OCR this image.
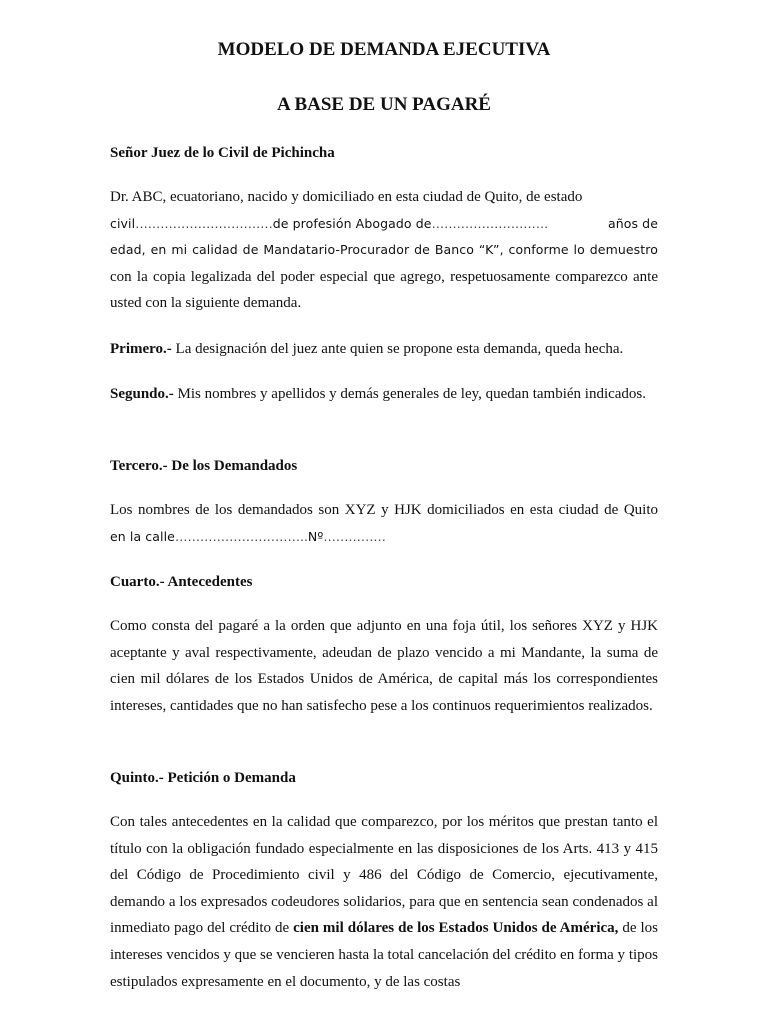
MODELO DE DEMANDA EJECUTIVA
A BASE DE UN PAGARÉ

Señor Juez de lo Civil de Pichincha

Dr. ABC, ecuatoriano, nacido y domiciliado en esta ciudad de Quito, de estado
civil……………………………de profesión Abogado de……………………….	años de
edad, en mi calidad de Mandatario-Procurador de Banco “K”, conforme lo demuestro
con la copia legalizada del poder especial que agrego, respetuosamente comparezco ante
usted con la siguiente demanda.

Primero.- La designación del juez ante quien se propone esta demanda, queda hecha.

Segundo.- Mis nombres y apellidos y demás generales de ley, quedan también indicados.

Tercero.- De los Demandados

Los nombres de los demandados son XYZ y HJK domiciliados en esta ciudad de Quito
en la calle…………………………..Nº……………

Cuarto.- Antecedentes

Como consta del pagaré a la orden que adjunto en una foja útil, los señores XYZ y HJK aceptante y aval respectivamente, adeudan de plazo vencido a mi Mandante, la suma de cien mil dólares de los Estados Unidos de América, de capital más los correspondientes intereses, cantidades que no han satisfecho pese a los continuos requerimientos realizados.

Quinto.- Petición o Demanda

Con tales antecedentes en la calidad que comparezco, por los méritos que prestan tanto el título con la obligación fundado especialmente en las disposiciones de los Arts. 413 y 415 del Código de Procedimiento civil y 486 del Código de Comercio, ejecutivamente, demando a los expresados codeudores solidarios, para que en sentencia sean condenados al inmediato pago del crédito de cien mil dólares de los Estados Unidos de América, de los intereses vencidos y que se vencieren hasta la total cancelación del crédito en forma y tipos estipulados expresamente en el documento, y de las costas
